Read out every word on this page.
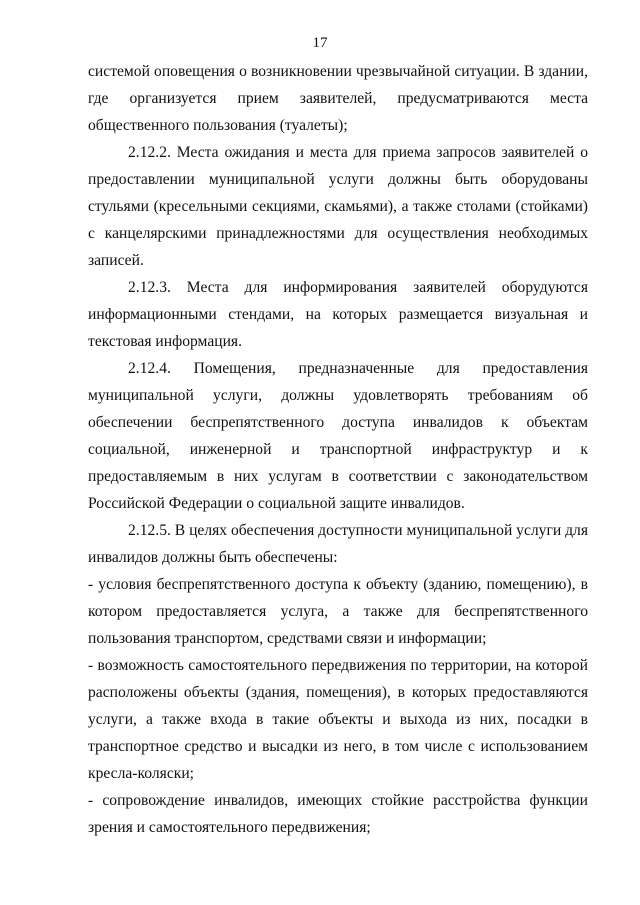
17

системой оповещения о возникновении чрезвычайной ситуации. В здании, где организуется прием заявителей, предусматриваются места общественного пользования (туалеты);

2.12.2. Места ожидания и места для приема запросов заявителей о предоставлении муниципальной услуги должны быть оборудованы стульями (кресельными секциями, скамьями), а также столами (стойками) с канцелярскими принадлежностями для осуществления необходимых записей.

2.12.3. Места для информирования заявителей оборудуются информационными стендами, на которых размещается визуальная и текстовая информация.

2.12.4. Помещения, предназначенные для предоставления муниципальной услуги, должны удовлетворять требованиям об обеспечении беспрепятственного доступа инвалидов к объектам социальной, инженерной и транспортной инфраструктур и к предоставляемым в них услугам в соответствии с законодательством Российской Федерации о социальной защите инвалидов.

2.12.5. В целях обеспечения доступности муниципальной услуги для инвалидов должны быть обеспечены:

- условия беспрепятственного доступа к объекту (зданию, помещению), в котором предоставляется услуга, а также для беспрепятственного пользования транспортом, средствами связи и информации;

- возможность самостоятельного передвижения по территории, на которой расположены объекты (здания, помещения), в которых предоставляются услуги, а также входа в такие объекты и выхода из них, посадки в транспортное средство и высадки из него, в том числе с использованием кресла-коляски;

- сопровождение инвалидов, имеющих стойкие расстройства функции зрения и самостоятельного передвижения;
